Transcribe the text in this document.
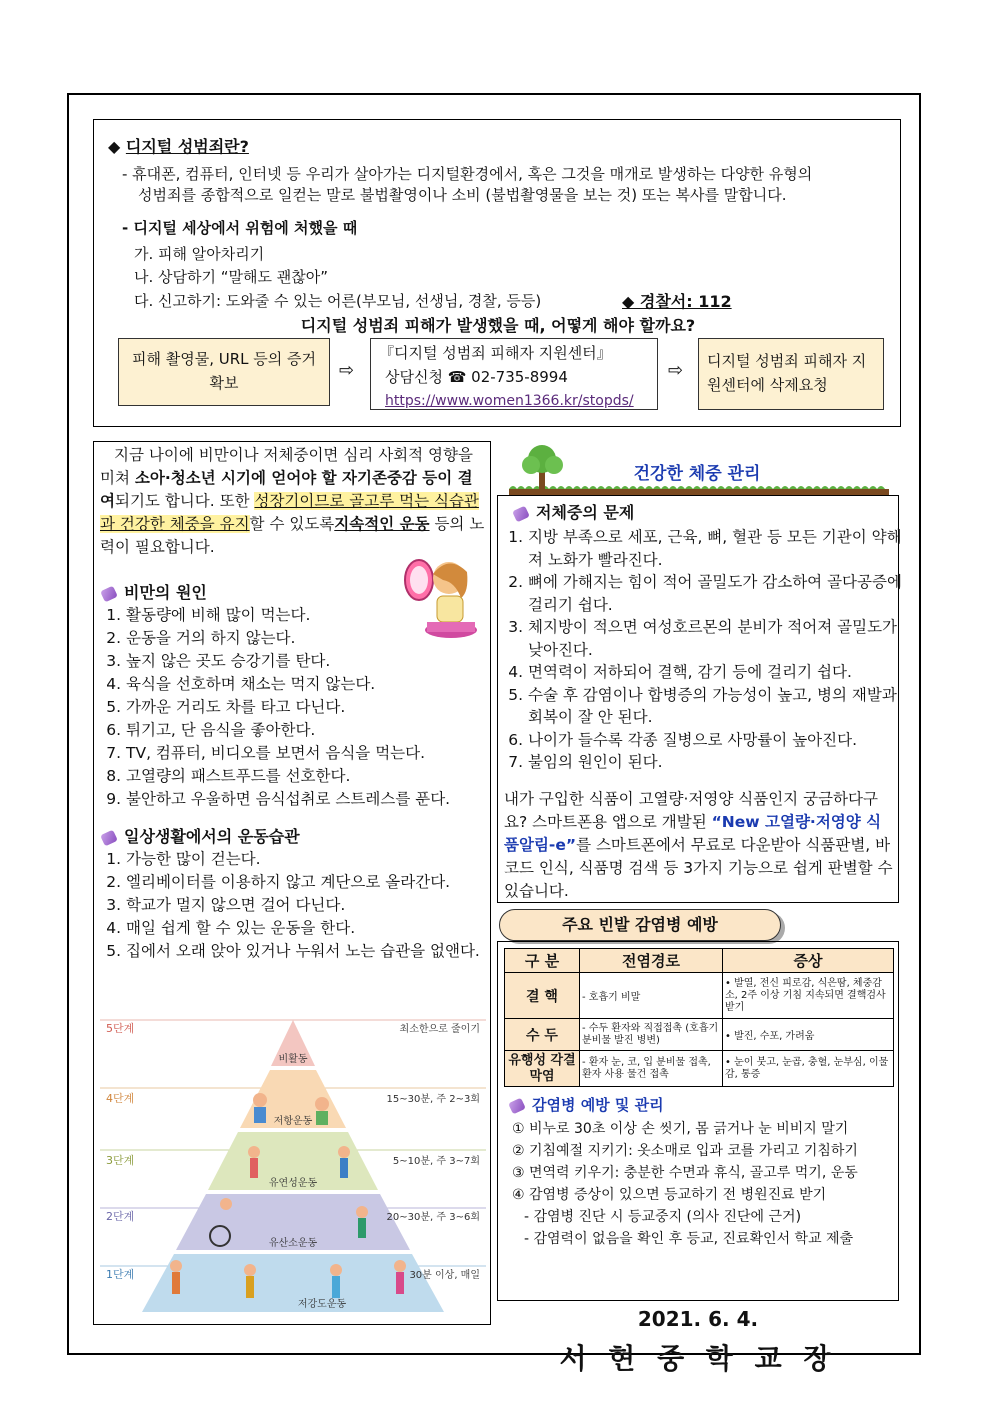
◆ 디지털 성범죄란?
- 휴대폰, 컴퓨터, 인터넷 등 우리가 살아가는 디지털환경에서, 혹은 그것을 매개로 발생하는 다양한 유형의
성범죄를 종합적으로 일컫는 말로 불법촬영이나 소비 (불법촬영물을 보는 것) 또는 복사를 말합니다.
- 디지털 세상에서 위험에 처했을 때
가. 피해 알아차리기
나. 상담하기 “말해도 괜찮아”
다. 신고하기: 도와줄 수 있는 어른(부모님, 선생님, 경찰, 등등)	◆ 경찰서: 112
디지털 성범죄 피해가 발생했을 때, 어떻게 해야 할까요?
피해 촬영물, URL 등의 증거 확보
⇨
『디지털 성범죄 피해자 지원센터』
상담신청 ☎ 02-735-8994
https://www.women1366.kr/stopds/
⇨	디지털 성범죄 피해자 지원센터에 삭제요청
지금 나이에 비만이나 저체중이면 심리 사회적 영향을 미쳐 소아·청소년 시기에 얻어야 할 자기존중감 등이 결여되기도 합니다. 또한 성장기이므로 골고루 먹는 식습관과 건강한 체중을 유지할 수 있도록지속적인 운동 등의 노력이 필요합니다.
비만의 원인
1. 활동량에 비해 많이 먹는다.
2. 운동을 거의 하지 않는다.
3. 높지 않은 곳도 승강기를 탄다.
4. 육식을 선호하며 채소는 먹지 않는다.
5. 가까운 거리도 차를 타고 다닌다.
6. 튀기고, 단 음식을 좋아한다.
7. TV, 컴퓨터, 비디오를 보면서 음식을 먹는다.
8. 고열량의 패스트푸드를 선호한다.
9. 불안하고 우울하면 음식섭취로 스트레스를 푼다.
일상생활에서의 운동습관
1. 가능한 많이 걷는다.
2. 엘리베이터를 이용하지 않고 계단으로 올라간다.
3. 학교가 멀지 않으면 걸어 다닌다.
4. 매일 쉽게 할 수 있는 운동을 한다.
5. 집에서 오래 앉아 있거나 누워서 노는 습관을 없앤다.
5단계
4단계
3단계
2단계
1단계
최소한으로 줄이기
15~30분, 주 2~3회
5~10분, 주 3~7회
20~30분, 주 3~6회
30분 이상, 매일
비활동
저항운동
유연성운동
유산소운동
저강도운동
건강한 체중 관리
저체중의 문제
1. 지방 부족으로 세포, 근육, 뼈, 혈관 등 모든 기관이 약해져 노화가 빨라진다.
2. 뼈에 가해지는 힘이 적어 골밀도가 감소하여 골다공증에 걸리기 쉽다.
3. 체지방이 적으면 여성호르몬의 분비가 적어져 골밀도가 낮아진다.
4. 면역력이 저하되어 결핵, 감기 등에 걸리기 쉽다.
5. 수술 후 감염이나 합병증의 가능성이 높고, 병의 재발과 회복이 잘 안 된다.
6. 나이가 들수록 각종 질병으로 사망률이 높아진다.
7. 불임의 원인이 된다.
내가 구입한 식품이 고열량·저영양 식품인지 궁금하다구요? 스마트폰용 앱으로 개발된 “New 고열량·저영양 식품알림-e”를 스마트폰에서 무료로 다운받아 식품판별, 바코드 인식, 식품명 검색 등 3가지 기능으로 쉽게 판별할 수 있습니다.
주요 빈발 감염병 예방
구 분	전염경로	증상
결 핵	- 호흡기 비말	• 발열, 전신 피로감, 식은땀, 체중감소, 2주 이상 기침 지속되면 결핵검사 받기
수 두	- 수두 환자와 직접접촉 (호흡기 분비물 발진 병변)	• 발진, 수포, 가려움
유행성 각결막염	- 환자 눈, 코, 입 분비물 접촉, 환자 사용 물건 접촉	• 눈이 붓고, 눈곱, 충혈, 눈부심, 이물감, 통증
감염병 예방 및 관리
① 비누로 30초 이상 손 씻기, 몸 긁거나 눈 비비지 말기
② 기침예절 지키기: 옷소매로 입과 코를 가리고 기침하기
③ 면역력 키우기: 충분한 수면과 휴식, 골고루 먹기, 운동
④ 감염병 증상이 있으면 등교하기 전 병원진료 받기
- 감염병 진단 시 등교중지 (의사 진단에 근거)
- 감염력이 없음을 확인 후 등교, 진료확인서 학교 제출
2021. 6. 4.
서 현 중 학 교 장
